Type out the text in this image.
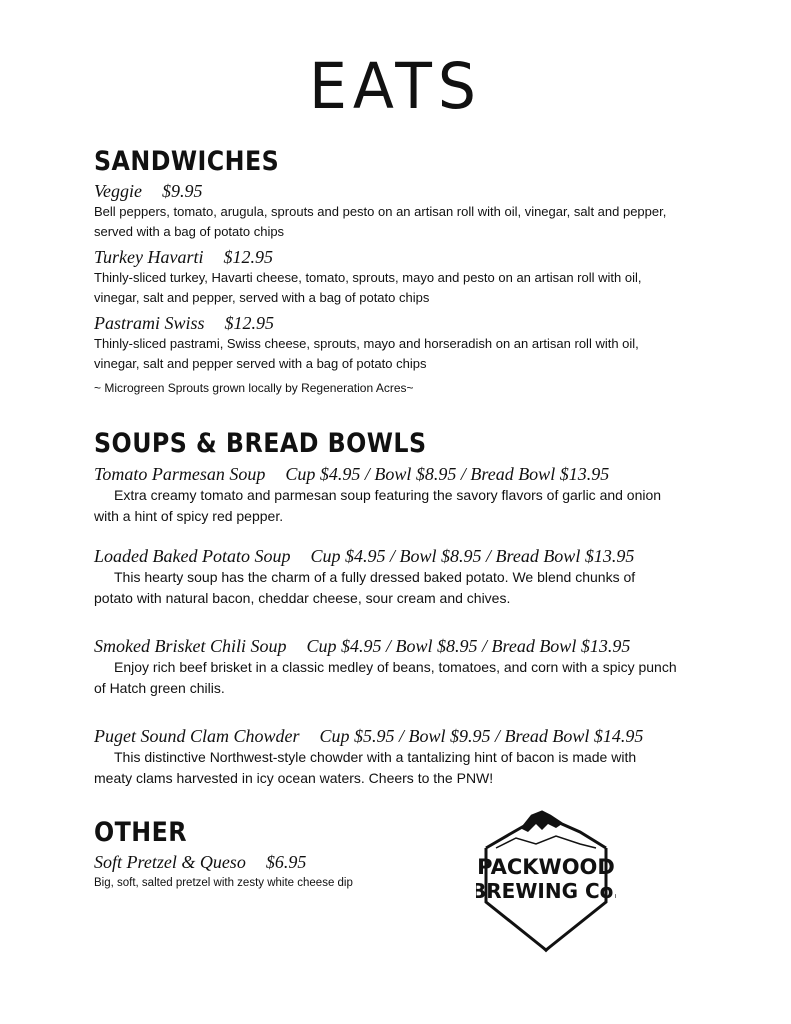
EATS
SANDWICHES
Veggie $9.95

Bell peppers, tomato, arugula, sprouts and pesto on an artisan roll with oil, vinegar, salt and pepper,
served with a bag of potato chips

Turkey Havarti $12.95

Thinly-sliced turkey, Havarti cheese, tomato, sprouts, mayo and pesto on an artisan roll with oil,
vinegar, salt and pepper, served with a bag of potato chips

Pastrami Swiss $12.95

Thinly-sliced pastrami, Swiss cheese, sprouts, mayo and horseradish on an artisan roll with oil,
vinegar, salt and pepper served with a bag of potato chips

~ Microgreen Sprouts grown locally by Regeneration Acres~
SOUPS & BREAD BOWLS
Tomato Parmesan Soup Cup $4.95 / Bowl $8.95 / Bread Bowl $13.95

Extra creamy tomato and parmesan soup featuring the savory flavors of garlic and onion
with a hint of spicy red pepper.

Loaded Baked Potato Soup Cup $4.95 / Bowl $8.95 / Bread Bowl $13.95

This hearty soup has the charm of a fully dressed baked potato. We blend chunks of
potato with natural bacon, cheddar cheese, sour cream and chives.

Smoked Brisket Chili Soup Cup $4.95 / Bowl $8.95 / Bread Bowl $13.95

Enjoy rich beef brisket in a classic medley of beans, tomatoes, and corn with a spicy punch
of Hatch green chilis.

Puget Sound Clam Chowder Cup $5.95 / Bowl $9.95 / Bread Bowl $14.95

This distinctive Northwest-style chowder with a tantalizing hint of bacon is made with
meaty clams harvested in icy ocean waters. Cheers to the PNW!

OTHER
Soft Pretzel & Queso $6.95

Big, soft, salted pretzel with zesty white cheese dip

PACKWOOD
BREWING Co.
